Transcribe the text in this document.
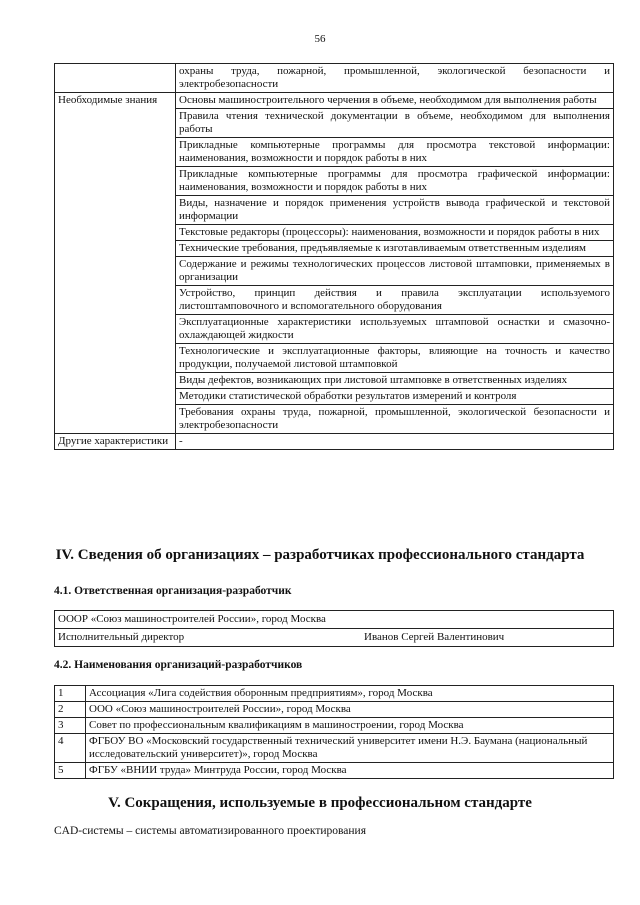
56
	охраны труда, пожарной, промышленной, экологической безопасности и электробезопасности
Необходимые знания	Основы машиностроительного черчения в объеме, необходимом для выполнения работы
	Правила чтения технической документации в объеме, необходимом для выполнения работы
	Прикладные компьютерные программы для просмотра текстовой информации: наименования, возможности и порядок работы в них
	Прикладные компьютерные программы для просмотра графической информации: наименования, возможности и порядок работы в них
	Виды, назначение и порядок применения устройств вывода графической и текстовой информации
	Текстовые редакторы (процессоры): наименования, возможности и порядок работы в них
	Технические требования, предъявляемые к изготавливаемым ответственным изделиям
	Содержание и режимы технологических процессов листовой штамповки, применяемых в организации
	Устройство, принцип действия и правила эксплуатации используемого листоштамповочного и вспомогательного оборудования
	Эксплуатационные характеристики используемых штамповой оснастки и смазочно-охлаждающей жидкости
	Технологические и эксплуатационные факторы, влияющие на точность и качество продукции, получаемой листовой штамповкой
	Виды дефектов, возникающих при листовой штамповке в ответственных изделиях
	Методики статистической обработки результатов измерений и контроля
	Требования охраны труда, пожарной, промышленной, экологической безопасности и электробезопасности
Другие характеристики	-
IV. Сведения об организациях – разработчиках профессионального стандарта
4.1. Ответственная организация-разработчик
ОООР «Союз машиностроителей России», город Москва
Исполнительный директор	Иванов Сергей Валентинович
4.2. Наименования организаций-разработчиков
1	Ассоциация «Лига содействия оборонным предприятиям», город Москва
2	ООО «Союз машиностроителей России», город Москва
3	Совет по профессиональным квалификациям в машиностроении, город Москва
4	ФГБОУ ВО «Московский государственный технический университет имени Н.Э. Баумана (национальный исследовательский университет)», город Москва
5	ФГБУ «ВНИИ труда» Минтруда России, город Москва
V. Сокращения, используемые в профессиональном стандарте
CAD-системы – системы автоматизированного проектирования
